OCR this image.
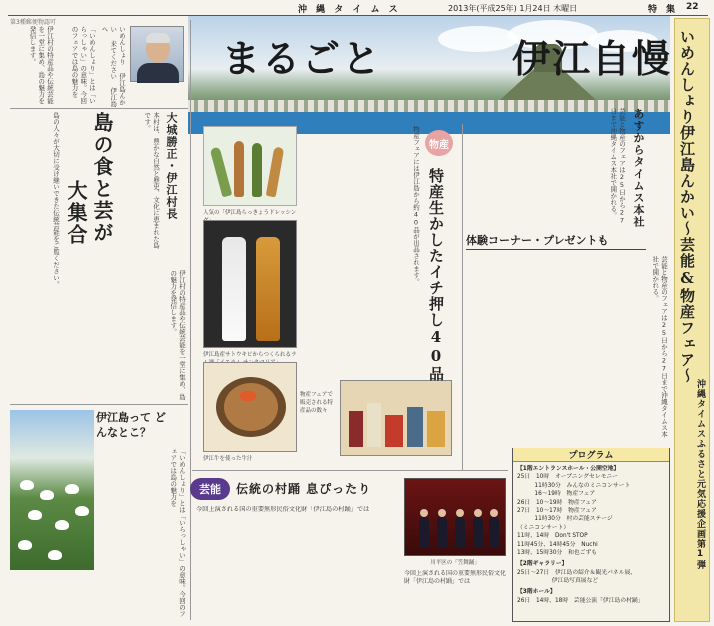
沖 縄 タ イ ム ス	2013年(平成25年) 1月24日 木曜日	特　集 22
第3種郵便物認可
まるごと	伊江自慢 いめんしょり伊江島んかい〜芸能&物産フェア〜
沖縄タイムスふるさと元気応援企画第1弾
いめんしょり 伊江島んかい 来てください 伊江島へ
「いめんしょり」とは「いらっしゃい」の意味。今回のフェアでは島の魅力を
伊江村の特産品や伝統芸能を一堂に集め、島の魅力を発信します。
大城勝正・伊江村長
島の食と芸が
大集合	本村は、豊かな自然と歴史、文化に恵まれた島です。
島の人々が大切に受け継いできた伝統芸能をご覧ください。
伊江村の特産品や伝統芸能を一堂に集め、島の魅力を発信します。
伊江島って どんなとこ？
「いめんしょり」とは「いらっしゃい」の意味。今回のフェアでは島の魅力を
人気の「伊江島らっきょうドレッシン
伊江島産サトウキビからつくられるラ
伊江牛を使った牛汁
物産フェアで販売される特産品の数々
物産フェアには伊江島から約40品が出品されます。 物産
特産生かしたイチ押し40品	あすからタイムス本社
芸能と物産のフェアは25日から27日まで沖縄タイムス本社で開かれる。
体験コーナー・プレゼントも
芸能と物産のフェアは25日から27日まで沖縄タイムス本社で開かれる。
プログラム
【1階エントランスホール・公開空地】
25日　10時　オープニングセレモニー
　　　11時30分　みんなのミニコンサート
　　　16〜19時　物産フェア
26日　10〜19時　物産フェア
27日　10〜17時　物産フェア
　　　11時30分　村の芸能ステージ
（ミニコンサート）
11時、14時　Don't STOP
11時45分、14時45分　Nuchi
13時、15時30分　和也ごずも
【2階ギャラリー】
25日〜27日　伊江島の紹介＆観光パネル展、
　　　　　　伊江島写真展など
【3階ホール】
26日　14時、18時　芸能公演「伊江島の村踊」
芸能	伝統の村踊 息ぴったり
今回上演される国の重要無形民俗文化財「伊江島の村踊」では
川平区の「笠舞踊」
今回上演される国の重要無形民俗文化財「伊江島の村踊」では
